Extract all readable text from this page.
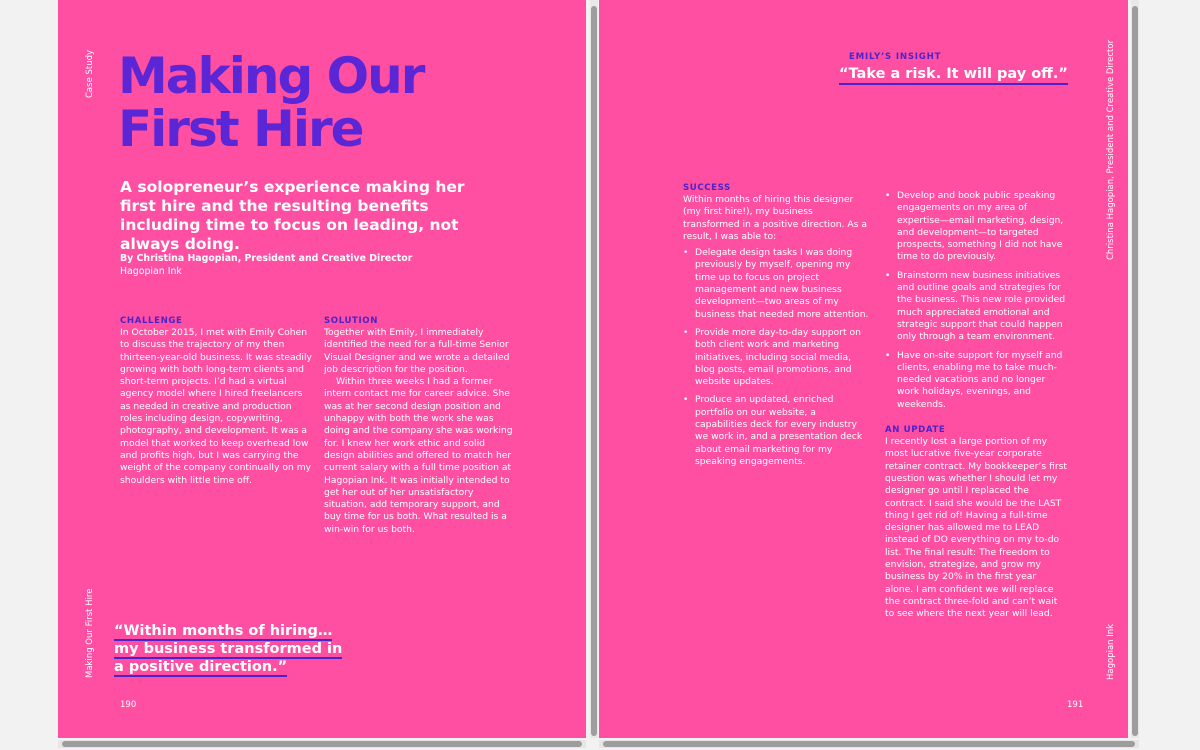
Case Study
Making Our First Hire
Making Our First Hire
A solopreneur’s experience making her first hire and the resulting benefits including time to focus on leading, not always doing.
By Christina Hagopian, President and Creative Director
Hagopian Ink
CHALLENGE
In October 2015, I met with Emily Cohen to discuss the trajectory of my then thirteen-year-old business. It was steadily growing with both long-term clients and short-term projects. I’d had a virtual agency model where I hired freelancers as needed in creative and production roles including design, copywriting, photography, and development. It was a model that worked to keep overhead low and profits high, but I was carrying the weight of the company continually on my shoulders with little time off.
SOLUTION
Together with Emily, I immediately identified the need for a full-time Senior Visual Designer and we wrote a detailed job description for the position.
Within three weeks I had a former intern contact me for career advice. She was at her second design position and unhappy with both the work she was doing and the company she was working for. I knew her work ethic and solid design abilities and offered to match her current salary with a full time position at Hagopian Ink. It was initially intended to get her out of her unsatisfactory situation, add temporary support, and buy time for us both. What resulted is a win-win for us both.
“Within months of hiring… my business transformed in a positive direction.”
190
EMILY’S INSIGHT
“Take a risk. It will pay off.”
SUCCESS
Within months of hiring this designer (my first hire!), my business transformed in a positive direction. As a result, I was able to:
• Delegate design tasks I was doing previously by myself, opening my time up to focus on project management and new business development—two areas of my business that needed more attention.
• Provide more day-to-day support on both client work and marketing initiatives, including social media, blog posts, email promotions, and website updates.
• Produce an updated, enriched portfolio on our website, a capabilities deck for every industry we work in, and a presentation deck about email marketing for my speaking engagements.
• Develop and book public speaking engagements on my area of expertise—email marketing, design, and development—to targeted prospects, something I did not have time to do previously.
• Brainstorm new business initiatives and outline goals and strategies for the business. This new role provided much appreciated emotional and strategic support that could happen only through a team environment.
• Have on-site support for myself and clients, enabling me to take much-needed vacations and no longer work holidays, evenings, and weekends.
AN UPDATE
I recently lost a large portion of my most lucrative five-year corporate retainer contract. My bookkeeper’s first question was whether I should let my designer go until I replaced the contract. I said she would be the LAST thing I get rid of! Having a full-time designer has allowed me to LEAD instead of DO everything on my to-do list. The final result: The freedom to envision, strategize, and grow my business by 20% in the first year alone. I am confident we will replace the contract three-fold and can’t wait to see where the next year will lead.
Christina Hagopian, President and Creative Director
Hagopian Ink
191
